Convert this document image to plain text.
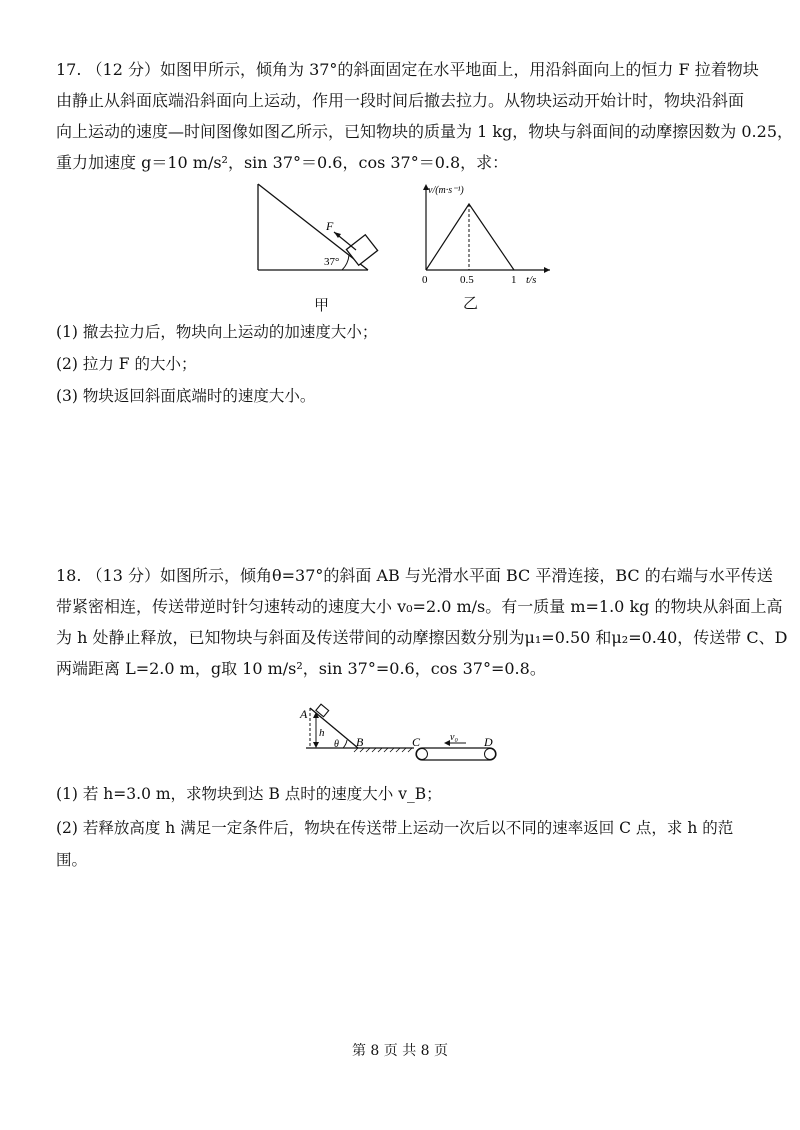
17. （12 分）如图甲所示，倾角为 37°的斜面固定在水平地面上，用沿斜面向上的恒力 F 拉着物块
由静止从斜面底端沿斜面向上运动，作用一段时间后撤去拉力。从物块运动开始计时，物块沿斜面
向上运动的速度—时间图像如图乙所示，已知物块的质量为 1 kg，物块与斜面间的动摩擦因数为 0.25，
重力加速度 g＝10 m/s²，sin 37°＝0.6，cos 37°＝0.8，求：
37°
F
甲
v/(m·s⁻¹)
0	0.5	1 t/s
乙
(1) 撤去拉力后，物块向上运动的加速度大小；
(2) 拉力 F 的大小；
(3) 物块返回斜面底端时的速度大小。
18. （13 分）如图所示，倾角θ=37°的斜面 AB 与光滑水平面 BC 平滑连接，BC 的右端与水平传送
带紧密相连，传送带逆时针匀速转动的速度大小 v₀=2.0 m/s。有一质量 m=1.0 kg 的物块从斜面上高
为 h 处静止释放，已知物块与斜面及传送带间的动摩擦因数分别为μ₁=0.50 和μ₂=0.40，传送带 C、D
两端距离 L=2.0 m，g取 10 m/s²，sin 37°=0.6，cos 37°=0.8。
A
h
θ B	C	v₀ D
(1) 若 h=3.0 m，求物块到达 B 点时的速度大小 v_B；
(2) 若释放高度 h 满足一定条件后，物块在传送带上运动一次后以不同的速率返回 C 点，求 h 的范
围。
第 8 页 共 8 页
